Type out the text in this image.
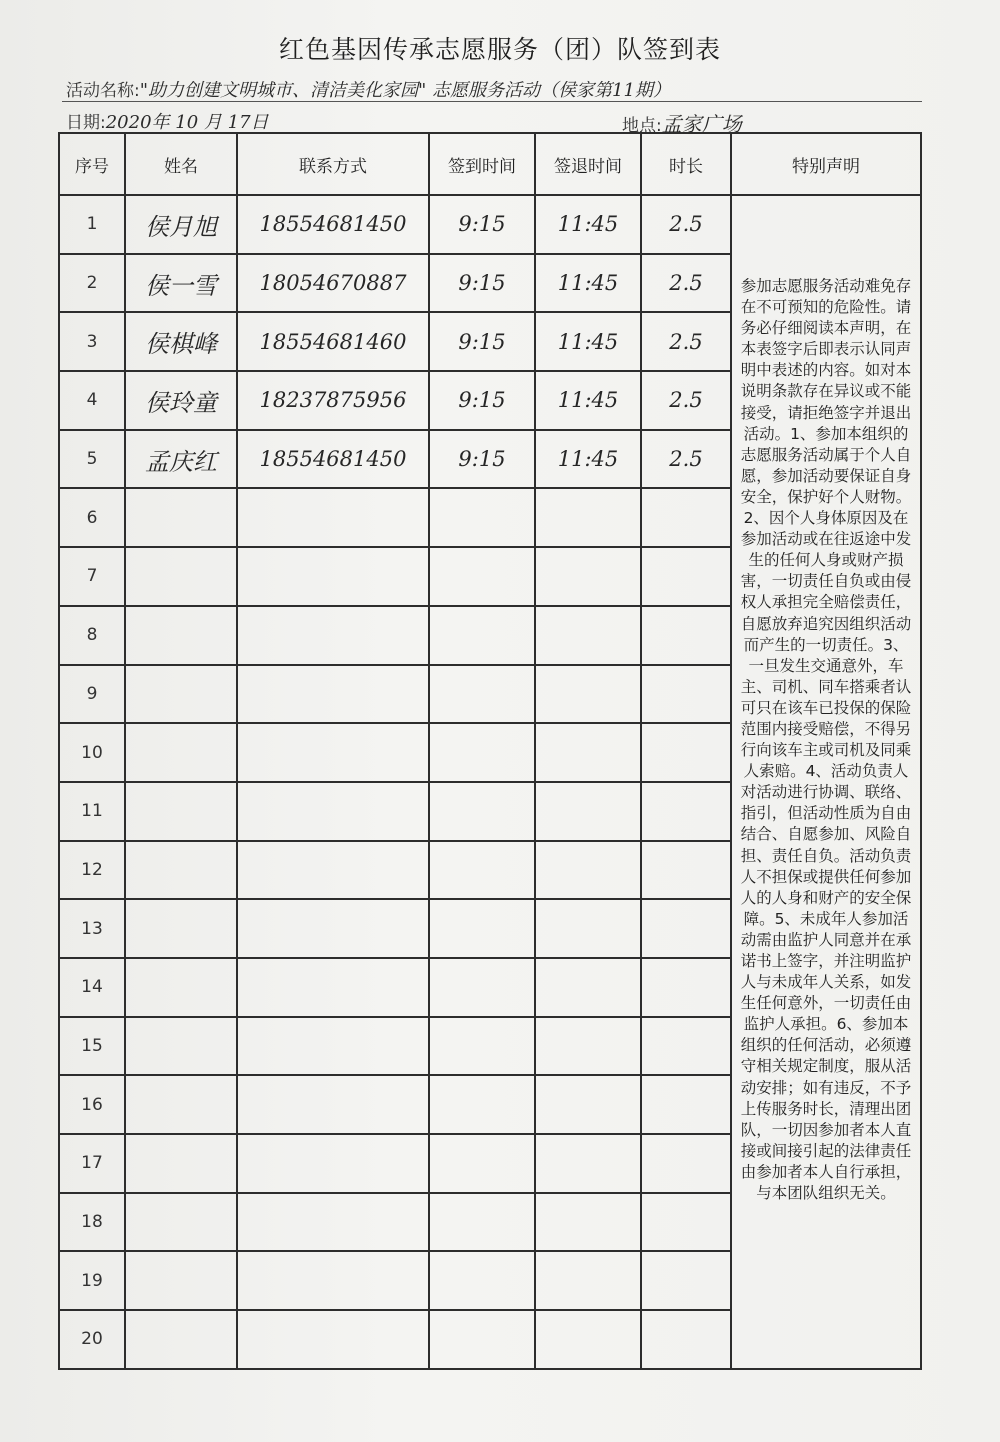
红色基因传承志愿服务（团）队签到表
活动名称:"助力创建文明城市、清洁美化家园" 志愿服务活动（侯家第11期）
日期:2020年 10 月 17日	地点:孟家广场
序号	姓名	联系方式	签到时间	签退时间	时长	特别声明
1	侯月旭	18554681450	9:15	11:45	2.5	参加志愿服务活动难免存在不可预知的危险性。请务必仔细阅读本声明，在本表签字后即表示认同声明中表述的内容。如对本说明条款存在异议或不能接受，请拒绝签字并退出活动。1、参加本组织的志愿服务活动属于个人自愿，参加活动要保证自身安全，保护好个人财物。2、因个人身体原因及在参加活动或在往返途中发生的任何人身或财产损害，一切责任自负或由侵权人承担完全赔偿责任，自愿放弃追究因组织活动而产生的一切责任。3、一旦发生交通意外，车主、司机、同车搭乘者认可只在该车已投保的保险范围内接受赔偿，不得另行向该车主或司机及同乘人索赔。4、活动负责人对活动进行协调、联络、指引，但活动性质为自由结合、自愿参加、风险自担、责任自负。活动负责人不担保或提供任何参加人的人身和财产的安全保障。5、未成年人参加活动需由监护人同意并在承诺书上签字，并注明监护人与未成年人关系，如发生任何意外，一切责任由监护人承担。6、参加本组织的任何活动，必须遵守相关规定制度，服从活动安排；如有违反，不予上传服务时长，清理出团队，一切因参加者本人直接或间接引起的法律责任由参加者本人自行承担，与本团队组织无关。
2	侯一雪	18054670887	9:15	11:45	2.5	
3	侯棋峰	18554681460	9:15	11:45	2.5	
4	侯玲童	18237875956	9:15	11:45	2.5	
5	孟庆红	18554681450	9:15	11:45	2.5	
6						
7						
8						
9						
10						
11						
12						
13						
14						
15						
16						
17						
18						
19						
20						
